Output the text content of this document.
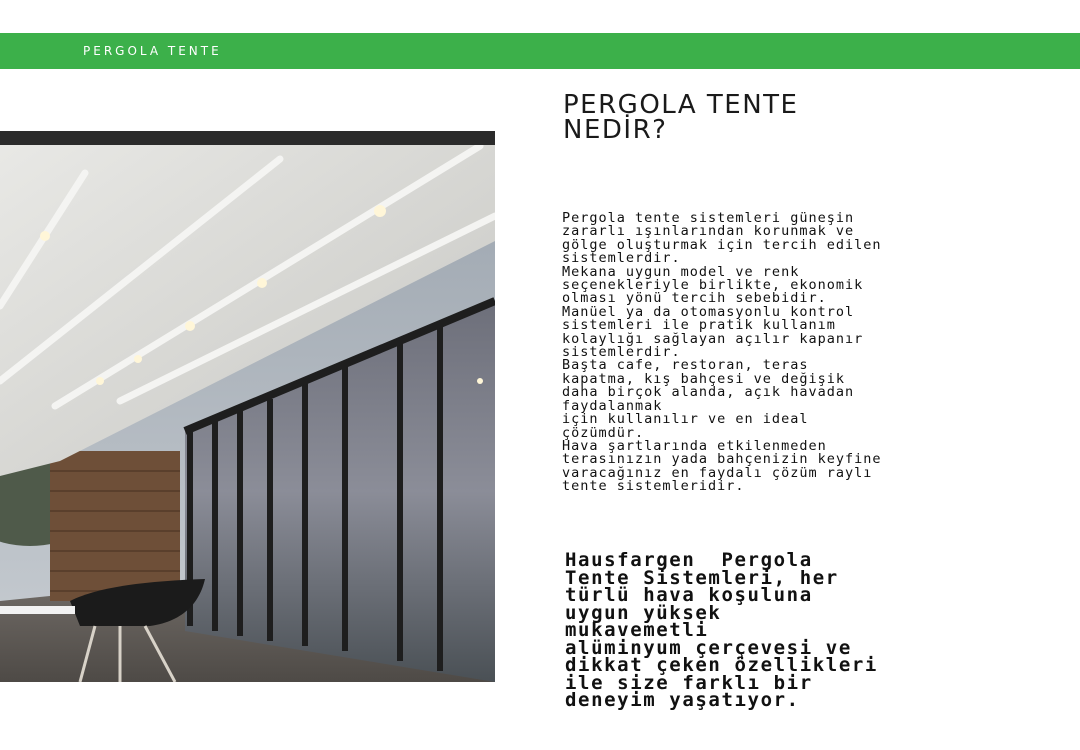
PERGOLA TENTE
PERGOLA TENTE
NEDİR?
Pergola tente sistemleri güneşin
zararlı ışınlarından korunmak ve
gölge oluşturmak için tercih edilen
sistemlerdir.
Mekana uygun model ve renk
seçenekleriyle birlikte, ekonomik
olması yönü tercih sebebidir.
Manüel ya da otomasyonlu kontrol
sistemleri ile pratik kullanım
kolaylığı sağlayan açılır kapanır
sistemlerdir.
Başta cafe, restoran, teras
kapatma, kış bahçesi ve değişik
daha birçok alanda, açık havadan
faydalanmak
için kullanılır ve en ideal
çözümdür.
Hava şartlarında etkilenmeden
terasınızın yada bahçenizin keyfine
varacağınız en faydalı çözüm raylı
tente sistemleridir.
Hausfargen  Pergola
Tente Sistemleri, her
türlü hava koşuluna
uygun yüksek
mukavemetli
alüminyum çerçevesi ve
dikkat çeken özellikleri
ile size farklı bir
deneyim yaşatıyor.
